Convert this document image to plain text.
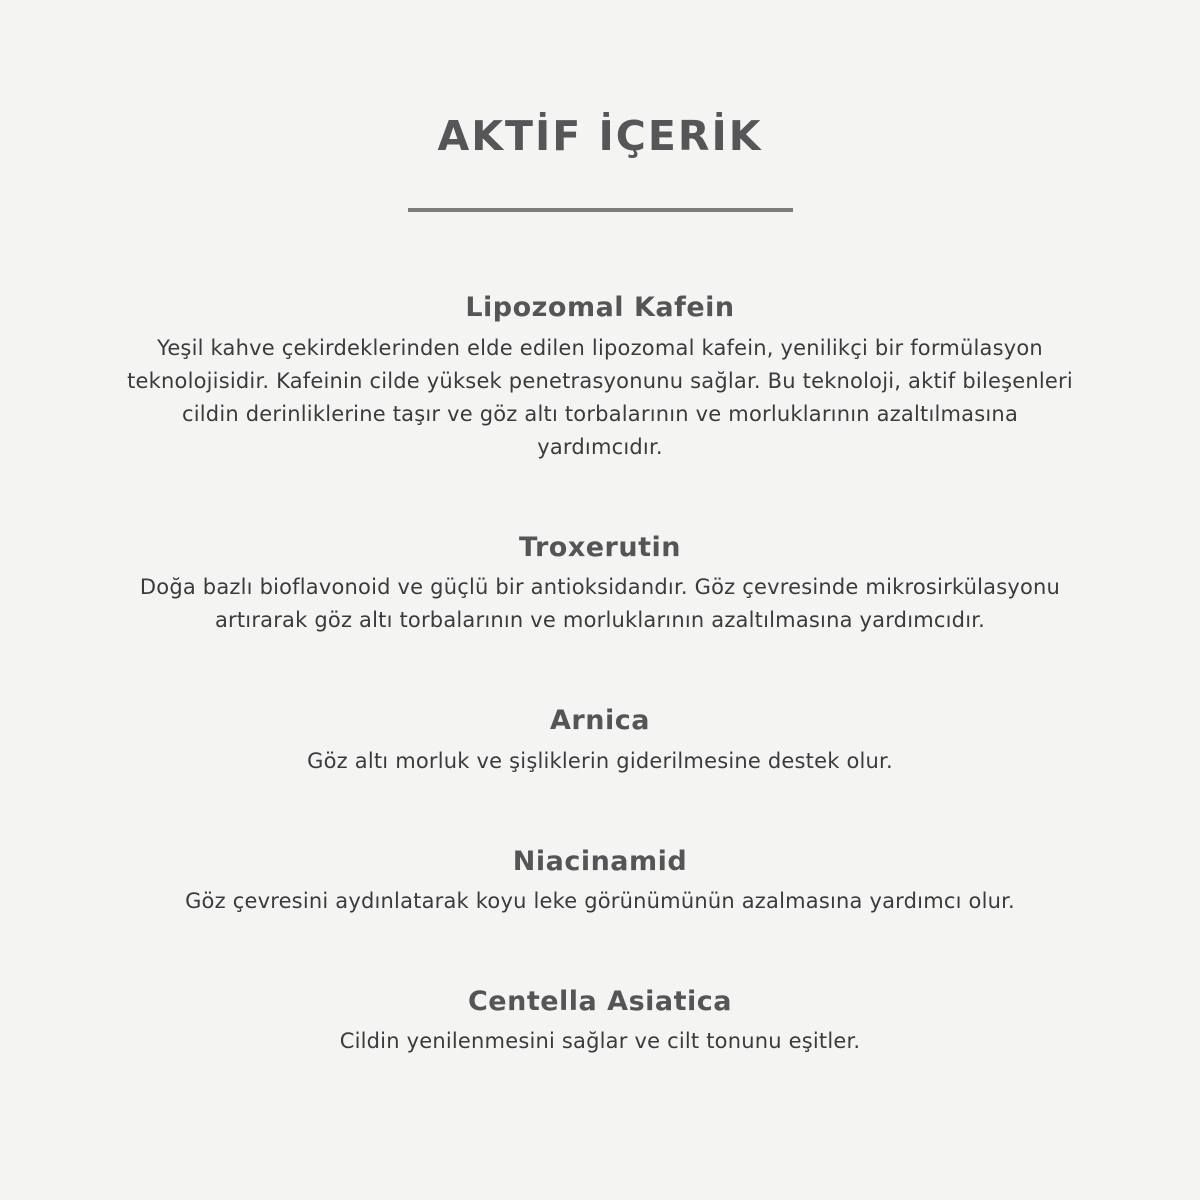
AKTİF İÇERİK
Lipozomal Kafein

Yeşil kahve çekirdeklerinden elde edilen lipozomal kafein, yenilikçi bir formülasyon teknolojisidir. Kafeinin cilde yüksek penetrasyonunu sağlar. Bu teknoloji, aktif bileşenleri cildin derinliklerine taşır ve göz altı torbalarının ve morluklarının azaltılmasına yardımcıdır.

Troxerutin

Doğa bazlı bioflavonoid ve güçlü bir antioksidandır. Göz çevresinde mikrosirkülasyonu artırarak göz altı torbalarının ve morluklarının azaltılmasına yardımcıdır.

Arnica

Göz altı morluk ve şişliklerin giderilmesine destek olur.

Niacinamid

Göz çevresini aydınlatarak koyu leke görünümünün azalmasına yardımcı olur.

Centella Asiatica

Cildin yenilenmesini sağlar ve cilt tonunu eşitler.
